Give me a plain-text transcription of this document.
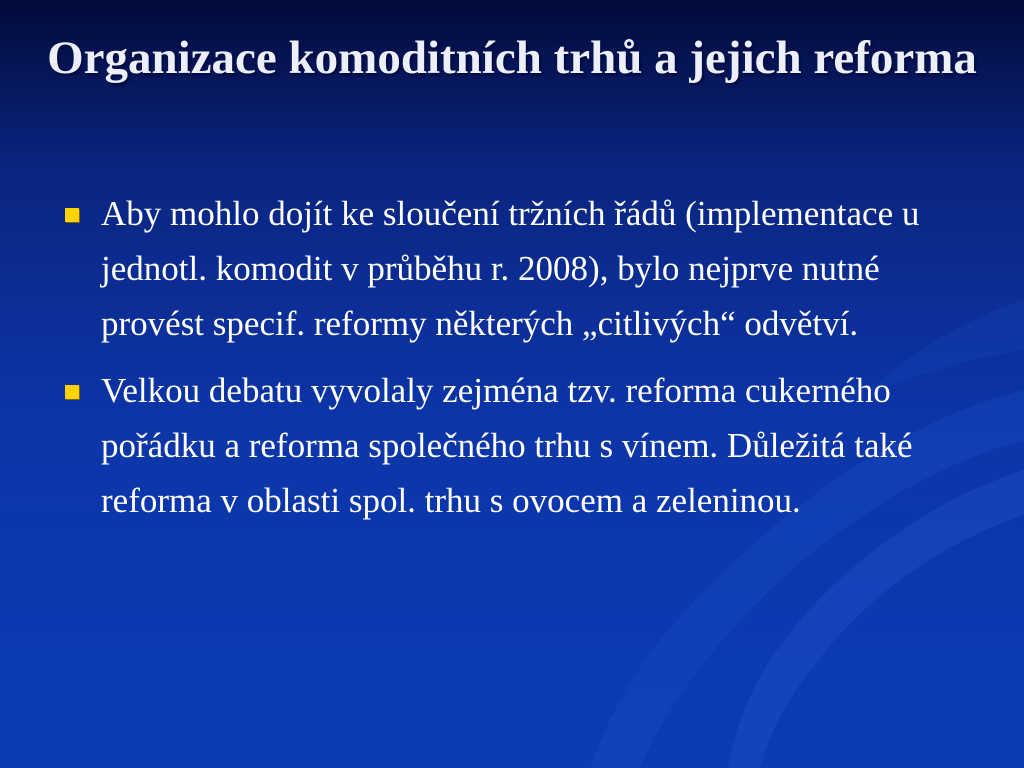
Organizace komoditních trhů a jejich reforma
Aby mohlo dojít ke sloučení tržních řádů (implementace u jednotl. komodit v průběhu r. 2008), bylo nejprve nutné provést specif. reformy některých „citlivých“ odvětví.
Velkou debatu vyvolaly zejména tzv. reforma cukerného pořádku a reforma společného trhu s vínem. Důležitá také reforma v oblasti spol. trhu s ovocem a zeleninou.
